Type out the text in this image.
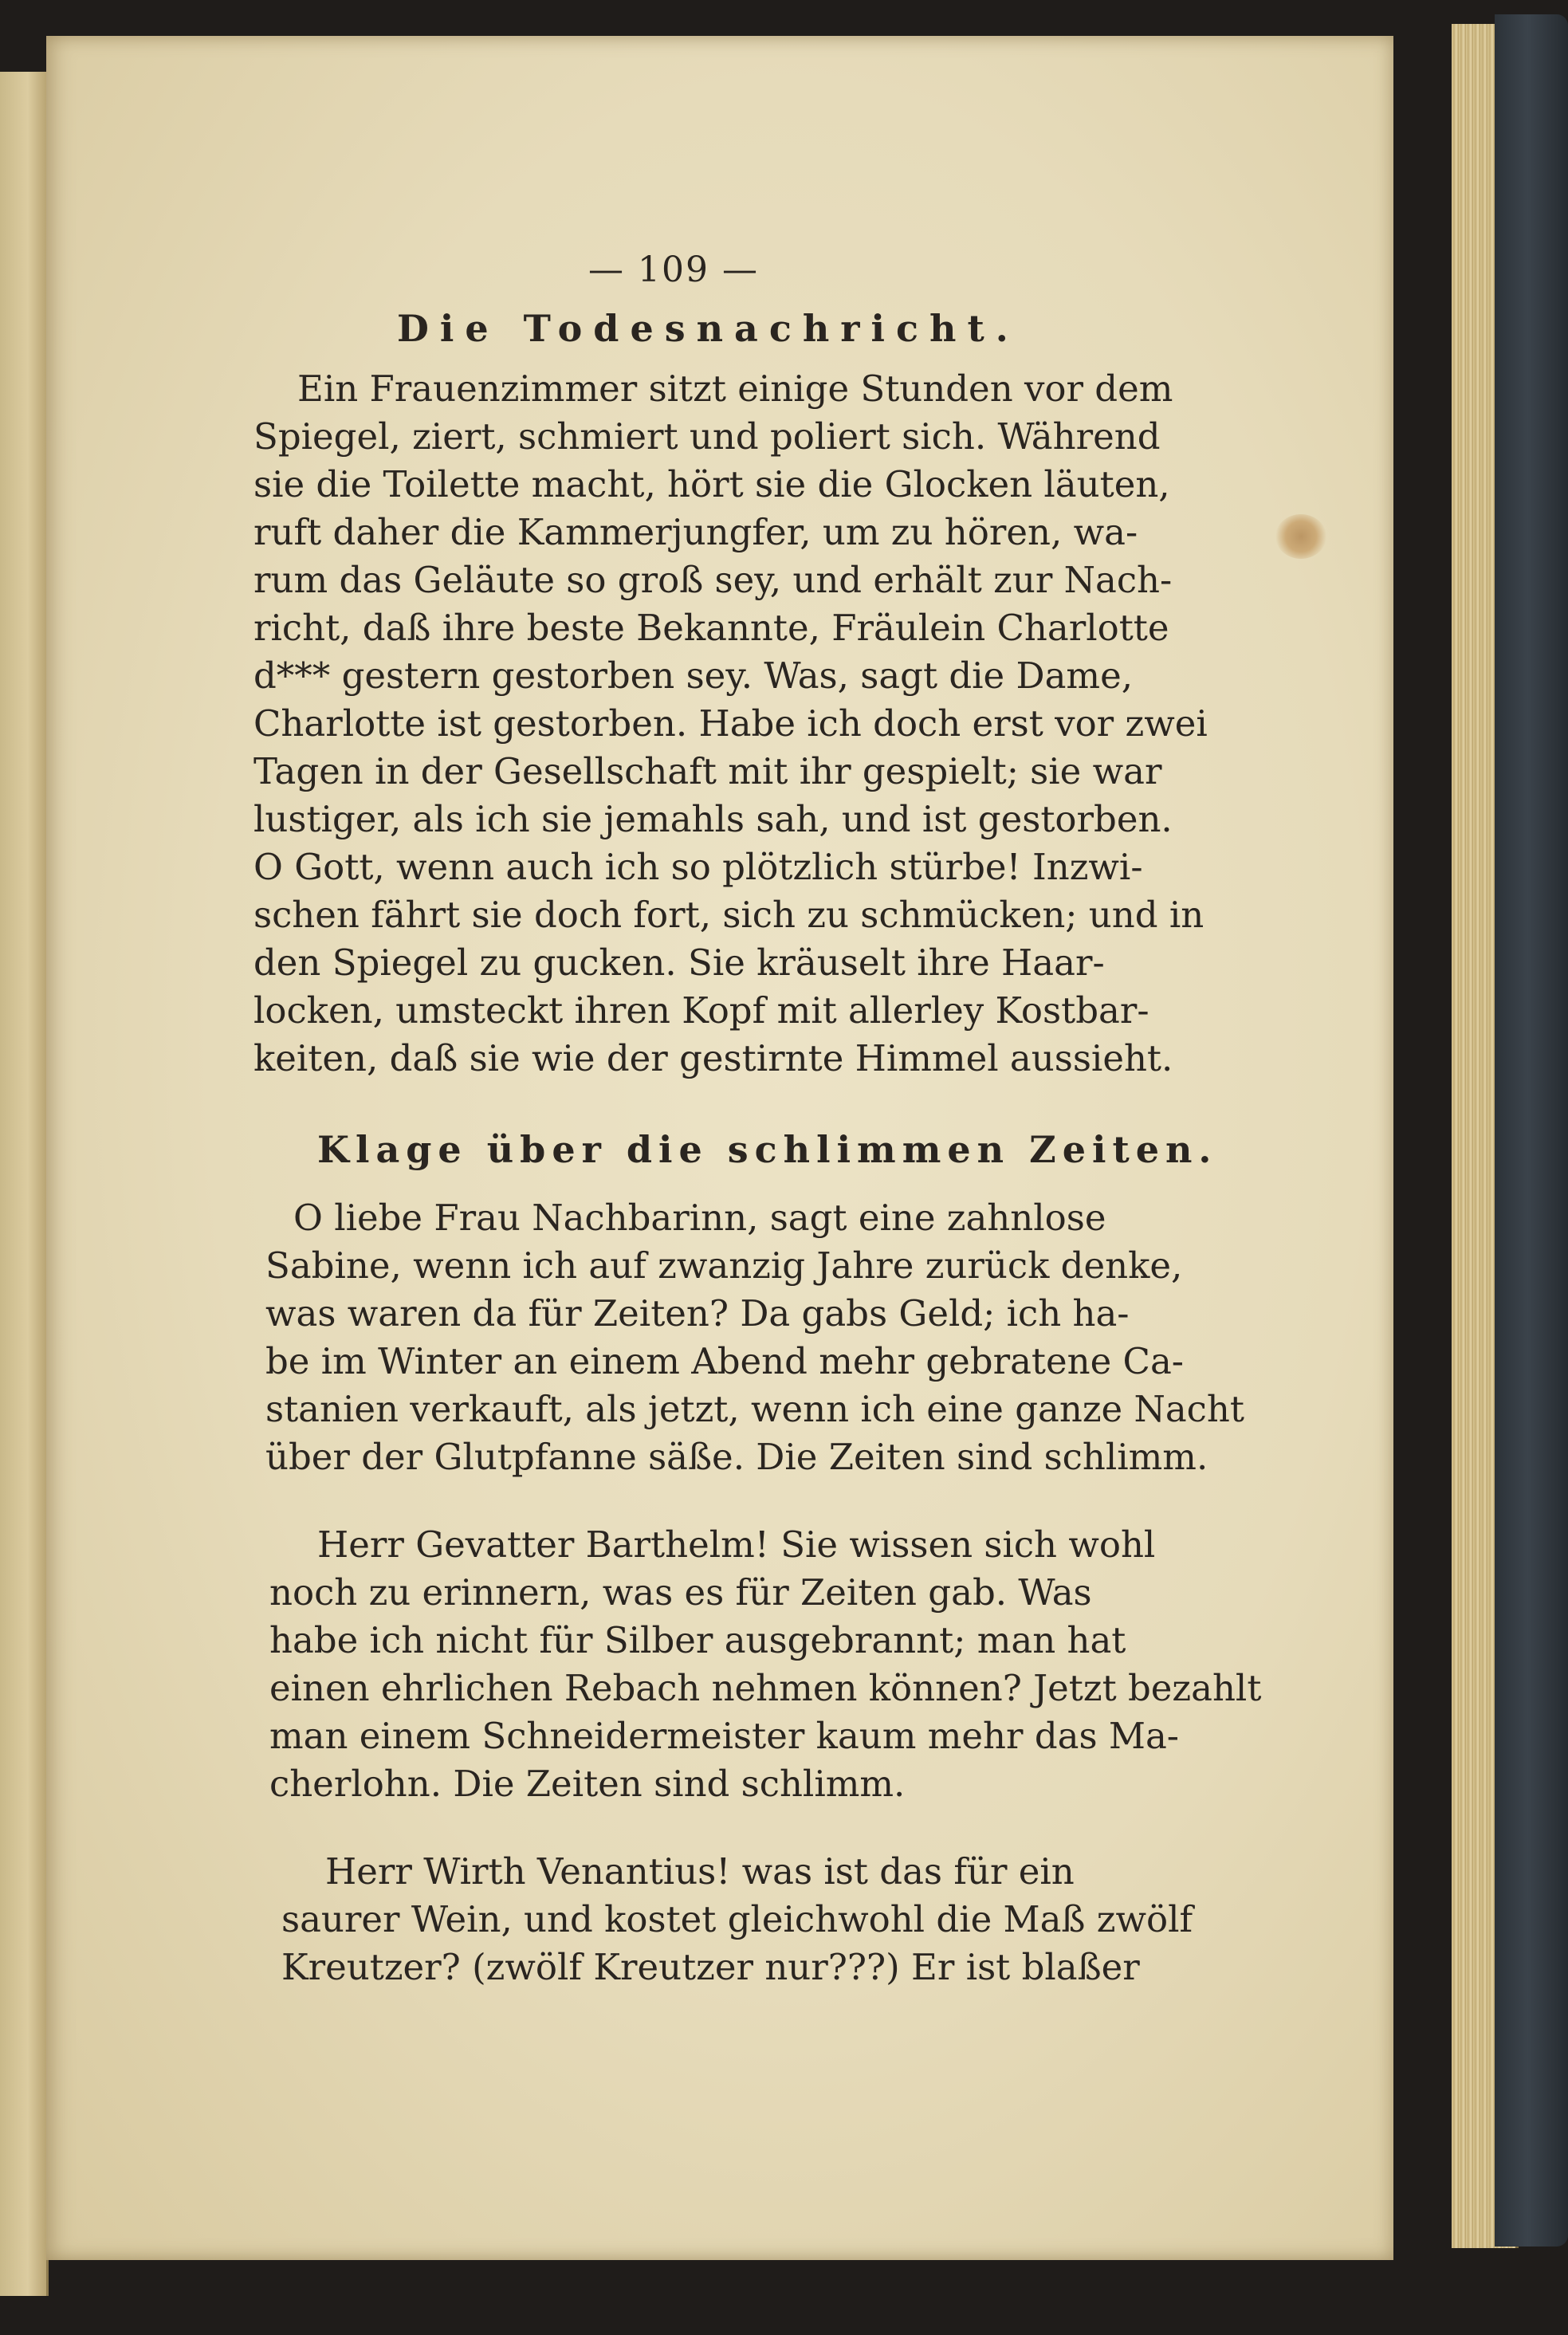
— 109 —
Die Todesnachricht.
Ein Frauenzimmer sitzt einige Stunden vor dem
Spiegel, ziert, schmiert und poliert sich. Während
sie die Toilette macht, hört sie die Glocken läuten,
ruft daher die Kammerjungfer, um zu hören, wa-
rum das Geläute so groß sey, und erhält zur Nach-
richt, daß ihre beste Bekannte, Fräulein Charlotte
d*** gestern gestorben sey. Was, sagt die Dame,
Charlotte ist gestorben. Habe ich doch erst vor zwei
Tagen in der Gesellschaft mit ihr gespielt; sie war
lustiger, als ich sie jemahls sah, und ist gestorben.
O Gott, wenn auch ich so plötzlich stürbe! Inzwi-
schen fährt sie doch fort, sich zu schmücken; und in
den Spiegel zu gucken. Sie kräuselt ihre Haar-
locken, umsteckt ihren Kopf mit allerley Kostbar-
keiten, daß sie wie der gestirnte Himmel aussieht.
Klage über die schlimmen Zeiten.
O liebe Frau Nachbarinn, sagt eine zahnlose
Sabine, wenn ich auf zwanzig Jahre zurück denke,
was waren da für Zeiten? Da gabs Geld; ich ha-
be im Winter an einem Abend mehr gebratene Ca-
stanien verkauft, als jetzt, wenn ich eine ganze Nacht
über der Glutpfanne säße. Die Zeiten sind schlimm.
Herr Gevatter Barthelm! Sie wissen sich wohl
noch zu erinnern, was es für Zeiten gab. Was
habe ich nicht für Silber ausgebrannt; man hat
einen ehrlichen Rebach nehmen können? Jetzt bezahlt
man einem Schneidermeister kaum mehr das Ma-
cherlohn. Die Zeiten sind schlimm.
Herr Wirth Venantius! was ist das für ein
saurer Wein, und kostet gleichwohl die Maß zwölf
Kreutzer? (zwölf Kreutzer nur???) Er ist blaßer
